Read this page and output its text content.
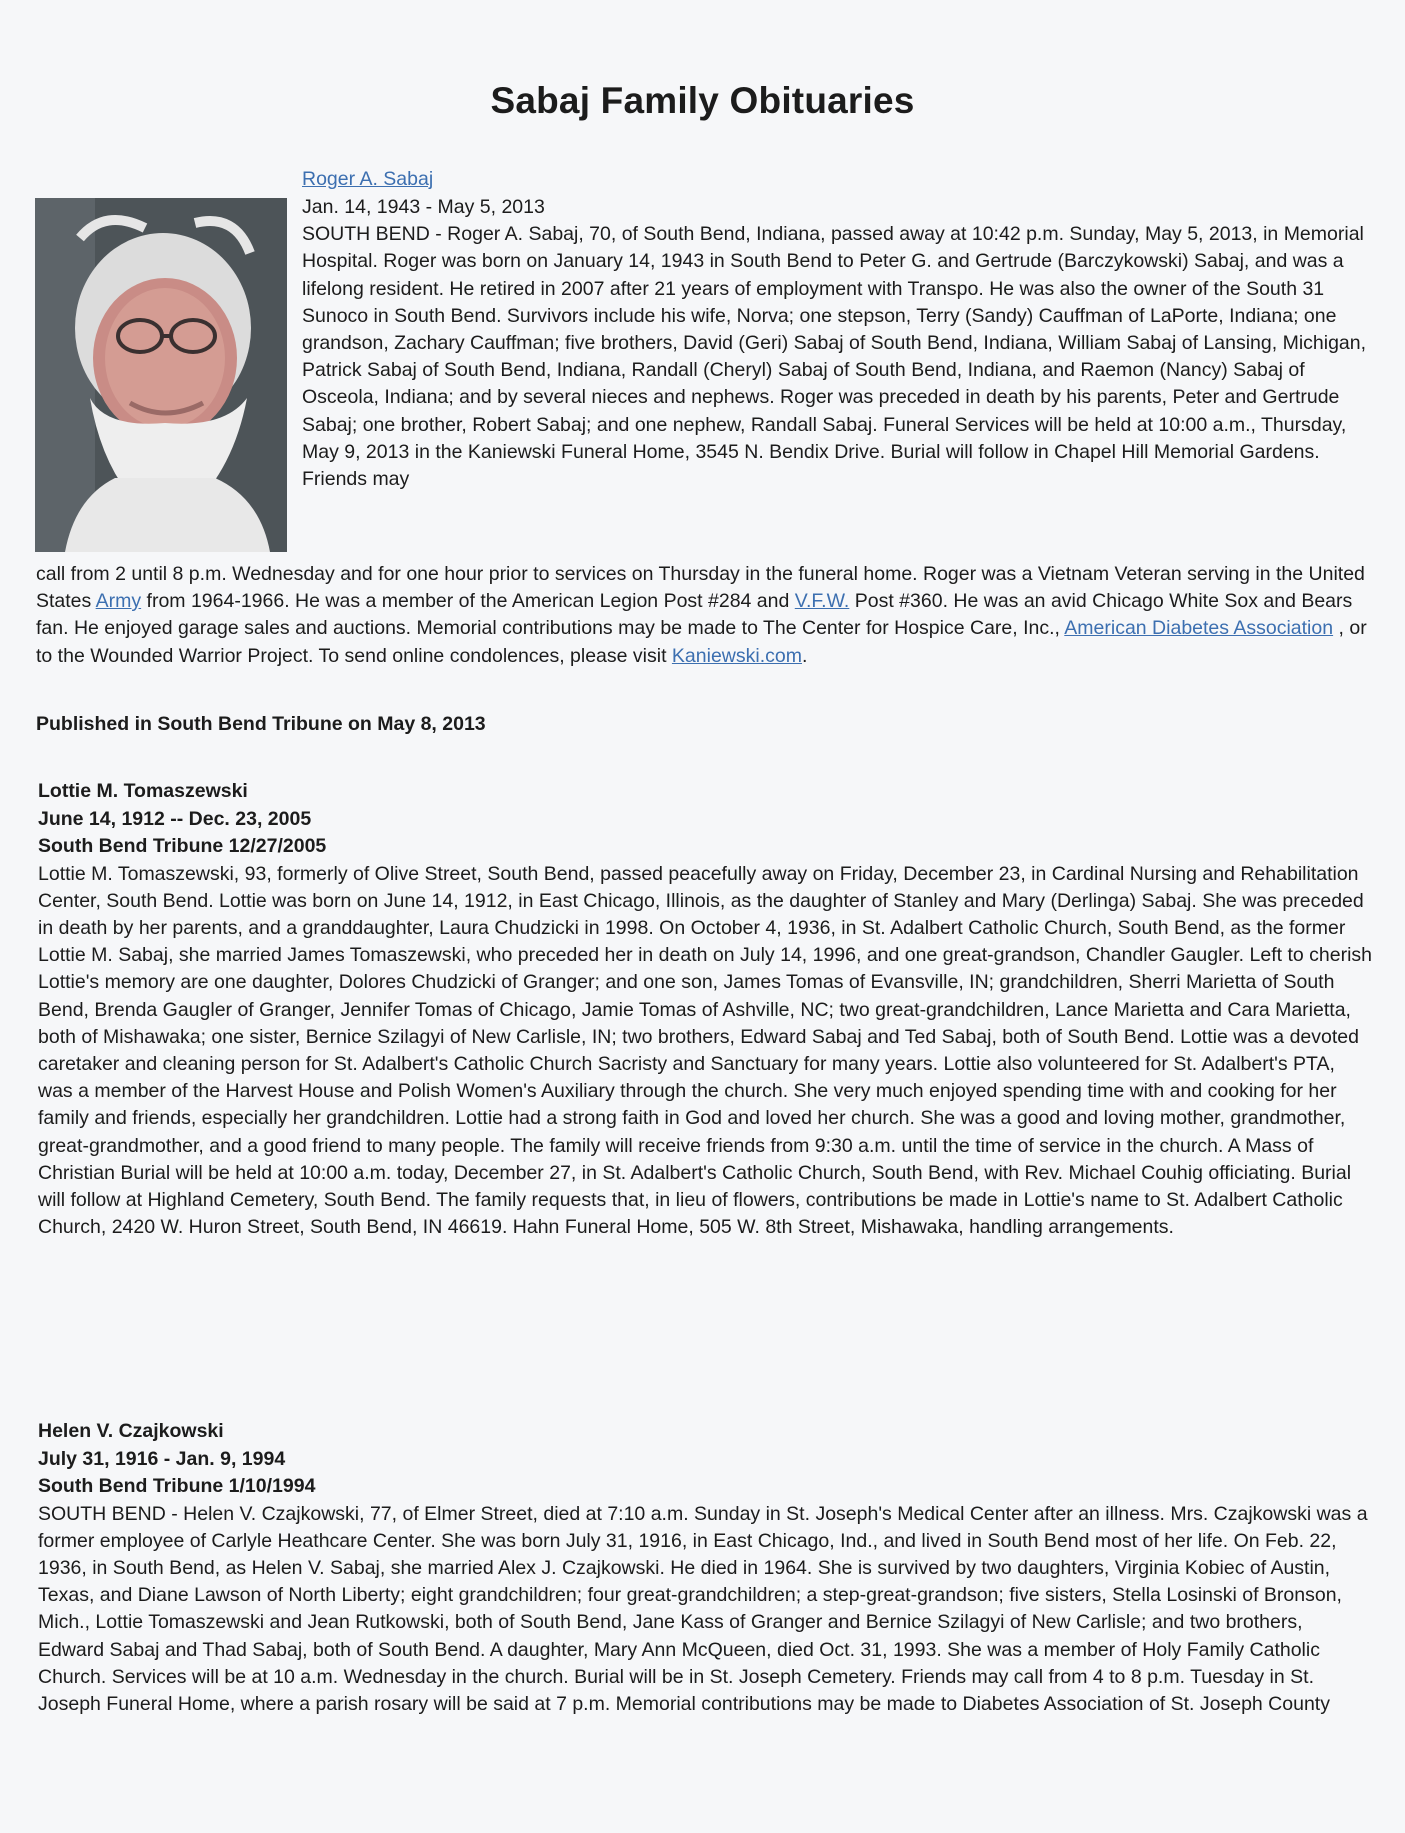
Sabaj Family Obituaries
Roger A. Sabaj

Jan. 14, 1943 - May 5, 2013

SOUTH BEND - Roger A. Sabaj, 70, of South Bend, Indiana, passed away at 10:42 p.m. Sunday, May 5, 2013, in Memorial Hospital. Roger was born on January 14, 1943 in South Bend to Peter G. and Gertrude (Barczykowski) Sabaj, and was a lifelong resident. He retired in 2007 after 21 years of employment with Transpo. He was also the owner of the South 31 Sunoco in South Bend. Survivors include his wife, Norva; one stepson, Terry (Sandy) Cauffman of LaPorte, Indiana; one grandson, Zachary Cauffman; five brothers, David (Geri) Sabaj of South Bend, Indiana, William Sabaj of Lansing, Michigan, Patrick Sabaj of South Bend, Indiana, Randall (Cheryl) Sabaj of South Bend, Indiana, and Raemon (Nancy) Sabaj of Osceola, Indiana; and by several nieces and nephews. Roger was preceded in death by his parents, Peter and Gertrude Sabaj; one brother, Robert Sabaj; and one nephew, Randall Sabaj. Funeral Services will be held at 10:00 a.m., Thursday, May 9, 2013 in the Kaniewski Funeral Home, 3545 N. Bendix Drive. Burial will follow in Chapel Hill Memorial Gardens. Friends may

call from 2 until 8 p.m. Wednesday and for one hour prior to services on Thursday in the funeral home. Roger was a Vietnam Veteran serving in the United States Army from 1964-1966. He was a member of the American Legion Post #284 and V.F.W. Post #360. He was an avid Chicago White Sox and Bears fan. He enjoyed garage sales and auctions. Memorial contributions may be made to The Center for Hospice Care, Inc., American Diabetes Association , or to the Wounded Warrior Project. To send online condolences, please visit Kaniewski.com.
Published in South Bend Tribune on May 8, 2013
Lottie M. Tomaszewski
June 14, 1912 -- Dec. 23, 2005
South Bend Tribune 12/27/2005

Lottie M. Tomaszewski, 93, formerly of Olive Street, South Bend, passed peacefully away on Friday, December 23, in Cardinal Nursing and Rehabilitation Center, South Bend. Lottie was born on June 14, 1912, in East Chicago, Illinois, as the daughter of Stanley and Mary (Derlinga) Sabaj. She was preceded in death by her parents, and a granddaughter, Laura Chudzicki in 1998. On October 4, 1936, in St. Adalbert Catholic Church, South Bend, as the former Lottie M. Sabaj, she married James Tomaszewski, who preceded her in death on July 14, 1996, and one great-grandson, Chandler Gaugler. Left to cherish Lottie's memory are one daughter, Dolores Chudzicki of Granger; and one son, James Tomas of Evansville, IN; grandchildren, Sherri Marietta of South Bend, Brenda Gaugler of Granger, Jennifer Tomas of Chicago, Jamie Tomas of Ashville, NC; two great-grandchildren, Lance Marietta and Cara Marietta, both of Mishawaka; one sister, Bernice Szilagyi of New Carlisle, IN; two brothers, Edward Sabaj and Ted Sabaj, both of South Bend. Lottie was a devoted caretaker and cleaning person for St. Adalbert's Catholic Church Sacristy and Sanctuary for many years. Lottie also volunteered for St. Adalbert's PTA, was a member of the Harvest House and Polish Women's Auxiliary through the church. She very much enjoyed spending time with and cooking for her family and friends, especially her grandchildren. Lottie had a strong faith in God and loved her church. She was a good and loving mother, grandmother, great-grandmother, and a good friend to many people. The family will receive friends from 9:30 a.m. until the time of service in the church. A Mass of Christian Burial will be held at 10:00 a.m. today, December 27, in St. Adalbert's Catholic Church, South Bend, with Rev. Michael Couhig officiating. Burial will follow at Highland Cemetery, South Bend. The family requests that, in lieu of flowers, contributions be made in Lottie's name to St. Adalbert Catholic Church, 2420 W. Huron Street, South Bend, IN 46619. Hahn Funeral Home, 505 W. 8th Street, Mishawaka, handling arrangements.

Helen V. Czajkowski
July 31, 1916 - Jan. 9, 1994
South Bend Tribune 1/10/1994

SOUTH BEND - Helen V. Czajkowski, 77, of Elmer Street, died at 7:10 a.m. Sunday in St. Joseph's Medical Center after an illness. Mrs. Czajkowski was a former employee of Carlyle Heathcare Center. She was born July 31, 1916, in East Chicago, Ind., and lived in South Bend most of her life. On Feb. 22, 1936, in South Bend, as Helen V. Sabaj, she married Alex J. Czajkowski. He died in 1964. She is survived by two daughters, Virginia Kobiec of Austin, Texas, and Diane Lawson of North Liberty; eight grandchildren; four great-grandchildren; a step-great-grandson; five sisters, Stella Losinski of Bronson, Mich., Lottie Tomaszewski and Jean Rutkowski, both of South Bend, Jane Kass of Granger and Bernice Szilagyi of New Carlisle; and two brothers, Edward Sabaj and Thad Sabaj, both of South Bend. A daughter, Mary Ann McQueen, died Oct. 31, 1993. She was a member of Holy Family Catholic Church. Services will be at 10 a.m. Wednesday in the church. Burial will be in St. Joseph Cemetery. Friends may call from 4 to 8 p.m. Tuesday in St. Joseph Funeral Home, where a parish rosary will be said at 7 p.m. Memorial contributions may be made to Diabetes Association of St. Joseph County
